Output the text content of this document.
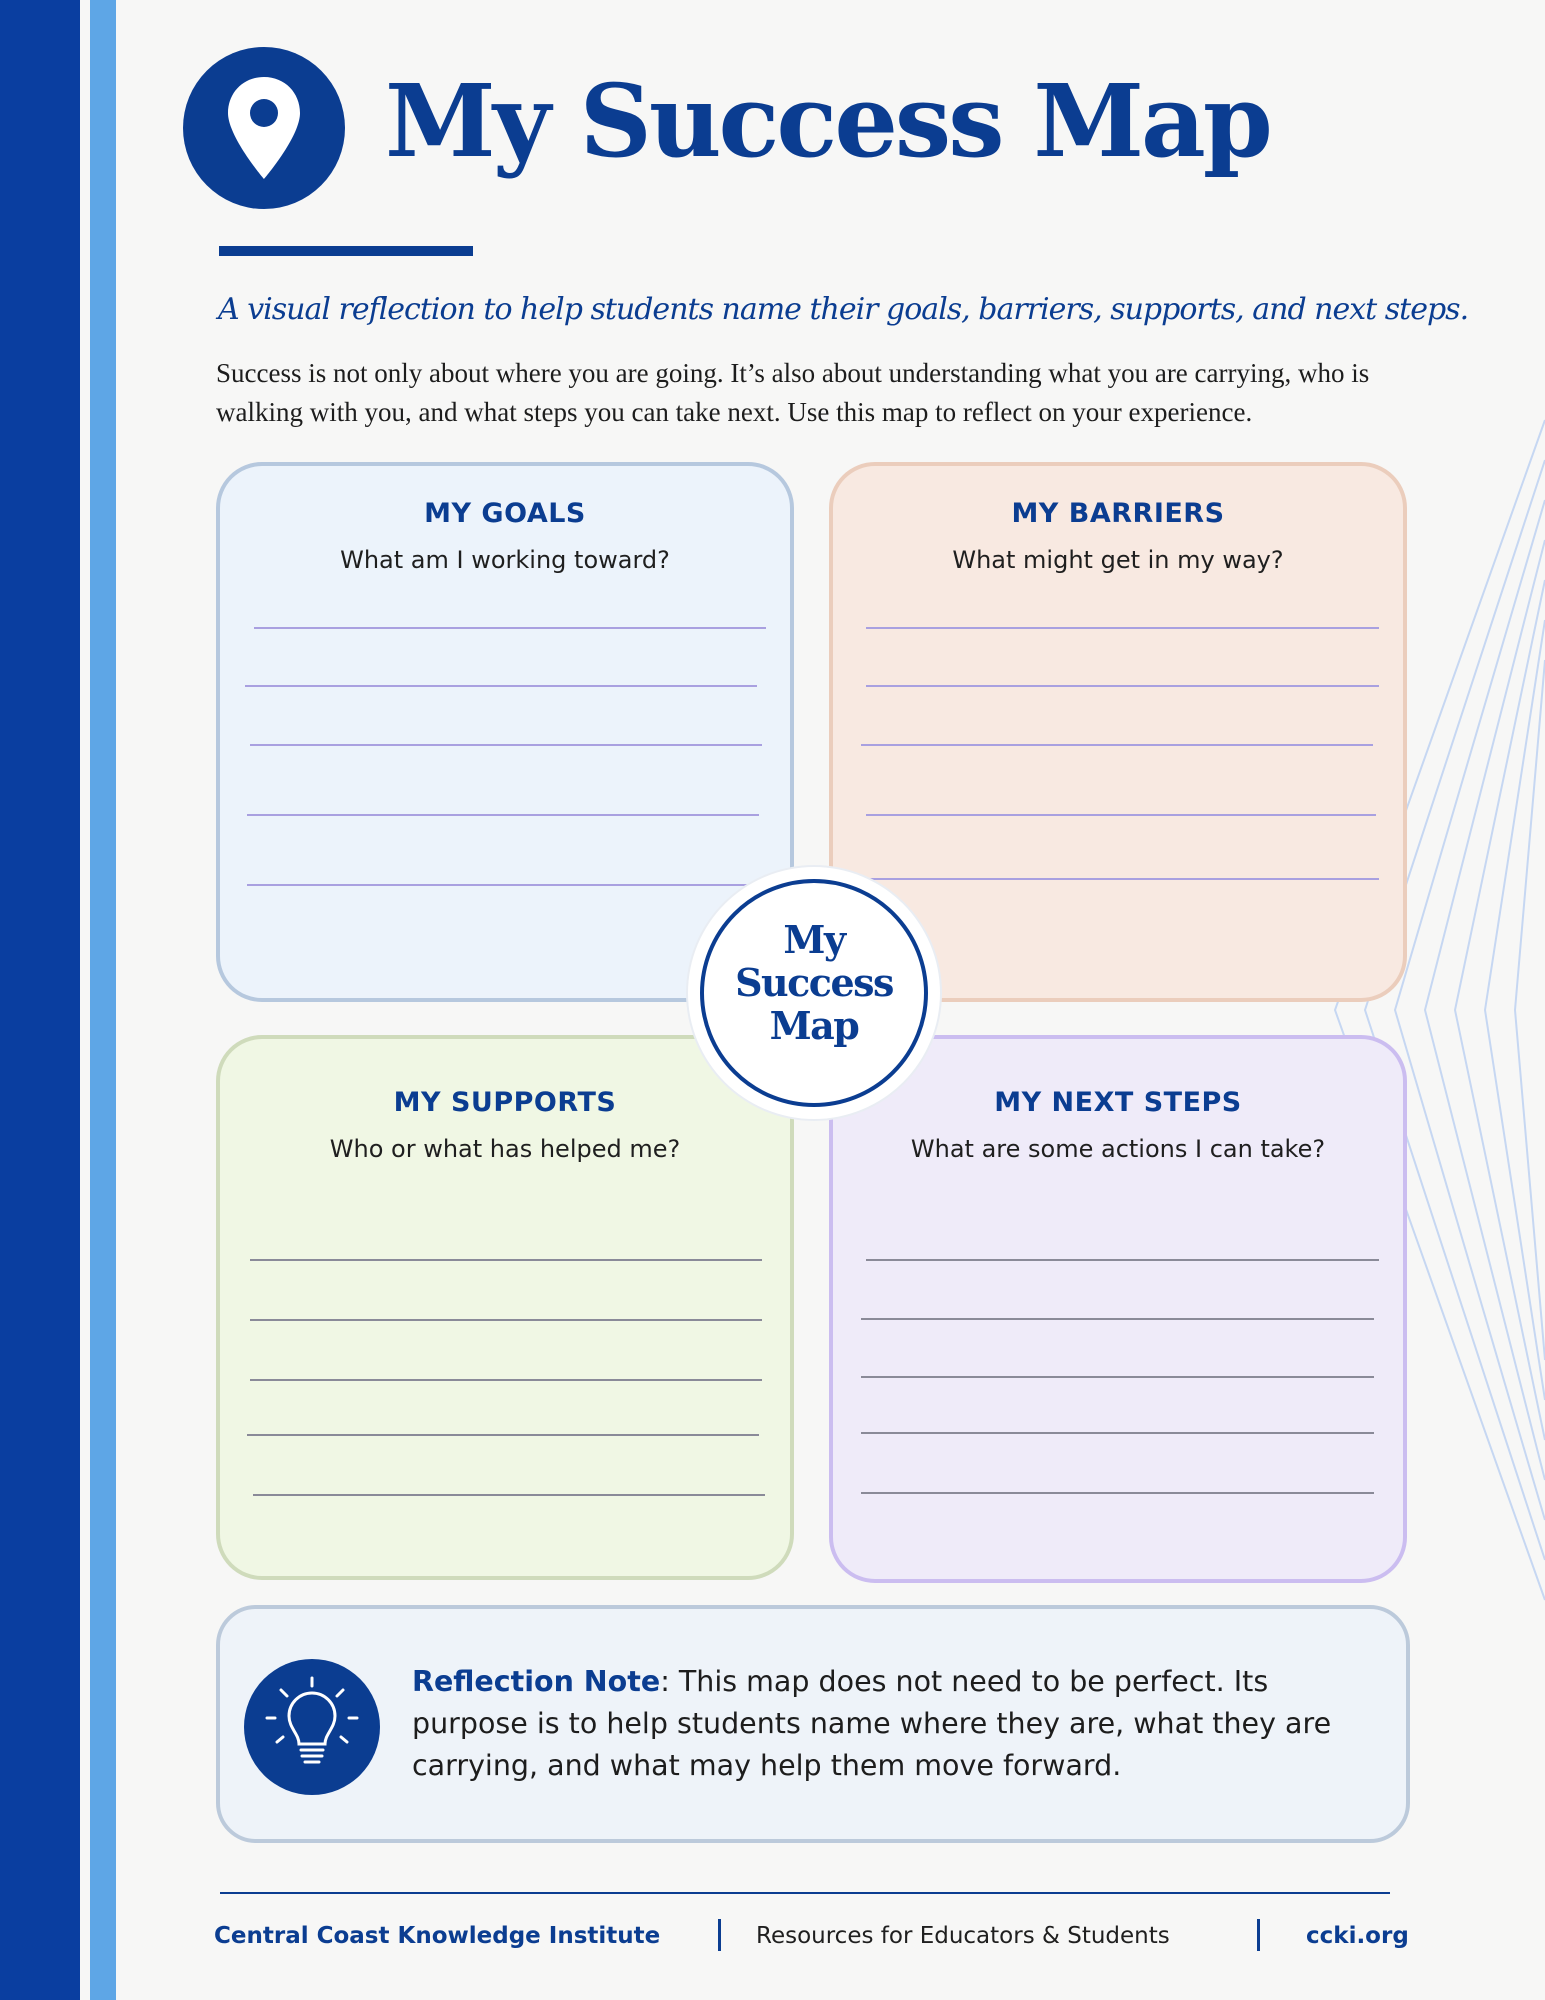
My Success Map

A visual reflection to help students name their goals, barriers, supports, and next steps.

Success is not only about where you are going. It’s also about understanding what you are carrying, who is walking with you, and what steps you can take next. Use this map to reflect on your experience.

MY GOALS
What am I working toward?
MY BARRIERS
What might get in my way?
MY SUPPORTS
Who or what has helped me?
MY NEXT STEPS
What are some actions I can take?
My
Success
Map

Reflection Note: This map does not need to be perfect. Its purpose is to help students name where they are, what they are carrying, and what may help them move forward.

Central Coast Knowledge Institute	Resources for Educators & Students	ccki.org
